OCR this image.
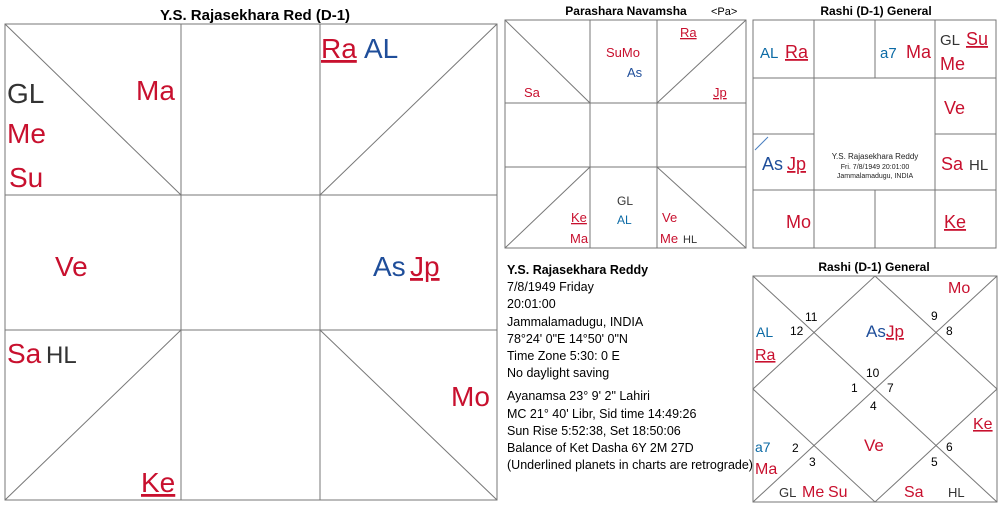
Y.S. Rajasekhara Red (D-1)
GL
Me
Su
Ma
Ra AL
Ve	As Jp
Sa HL
Ke
Mo
Parashara Navamsha <Pa>
Ra
Sa	Jp
SuMo
As
GL
AL
Ke
Ma
Ve
Me HL
Rashi (D-1) General
AL Ra	a7 Ma
GL Su
Me
Ve
Sa HL
As Jp
Mo	Ke
Y.S. Rajasekhara Reddy
Fri. 7/8/1949 20:01:00
Jammalamadugu, INDIA
Rashi (D-1) General
Mo
AL
Ra
As Jp
Ke
Ve
a7
Ma
GL Me Su	Sa HL
1
2
3
4
5
6
7
8
9
10
11
12
Y.S. Rajasekhara Reddy
7/8/1949 Friday
20:01:00
Jammalamadugu, INDIA
78°24' 0"E 14°50' 0"N
Time Zone 5:30: 0 E
No daylight saving
Ayanamsa 23° 9' 2" Lahiri
MC 21° 40' Libr, Sid time 14:49:26
Sun Rise 5:52:38, Set 18:50:06
Balance of Ket Dasha 6Y 2M 27D
(Underlined planets in charts are retrograde)
